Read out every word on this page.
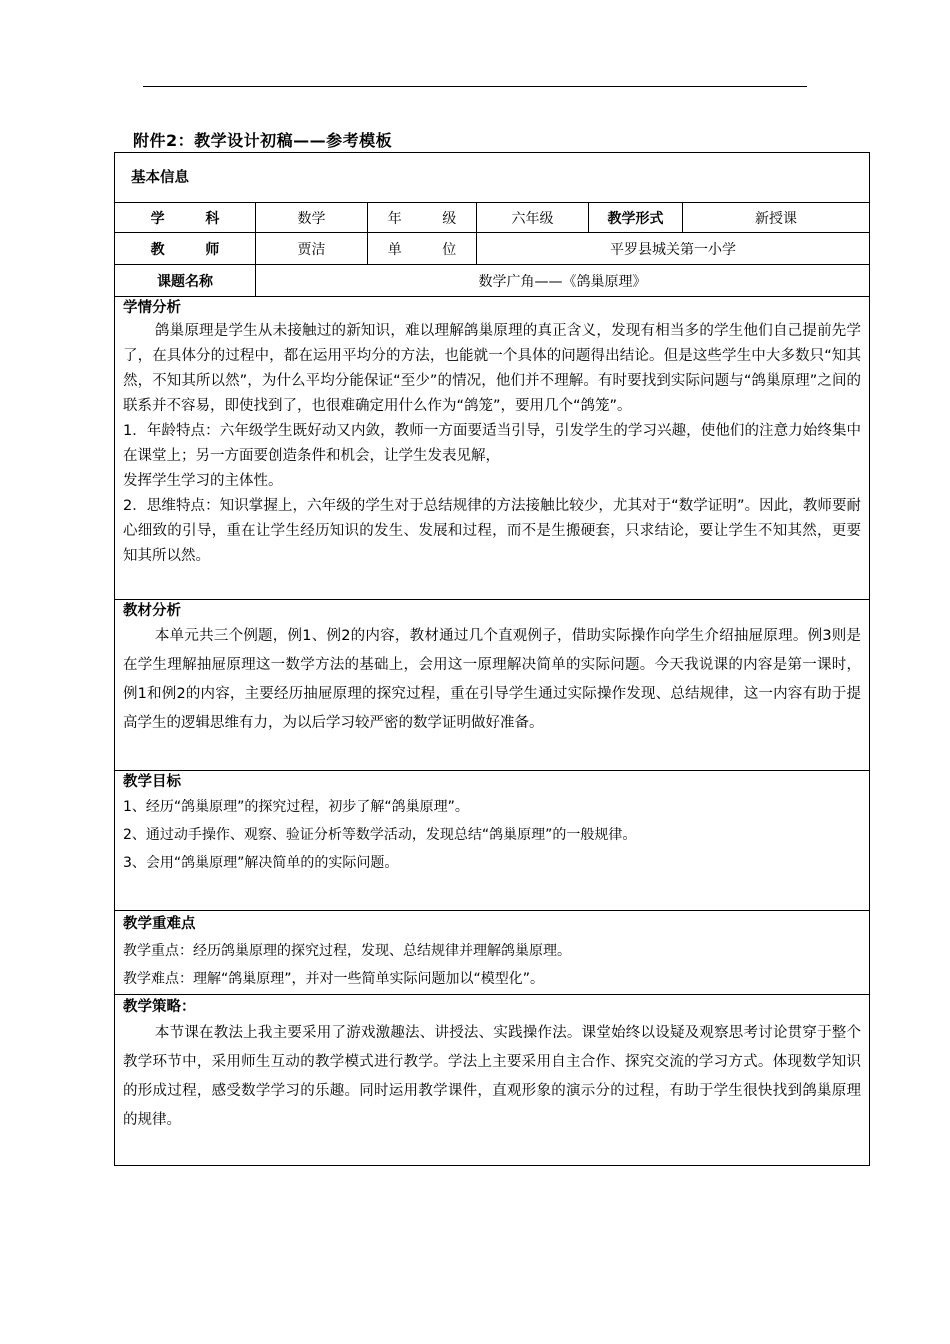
附件2：教学设计初稿——参考模板
基本信息					
学 科	数学	年 级	六年级	教学形式	新授课
教 师	贾洁	单 位	平罗县城关第一小学		
课题名称	数学广角——《鸽巢原理》				

学情分析

鸽巢原理是学生从未接触过的新知识，难以理解鸽巢原理的真正含义，发现有相当多的学生他们自己提前先学了，在具体分的过程中，都在运用平均分的方法，也能就一个具体的问题得出结论。但是这些学生中大多数只“知其然，不知其所以然”，为什么平均分能保证“至少”的情况，他们并不理解。有时要找到实际问题与“鸽巢原理”之间的联系并不容易，即使找到了，也很难确定用什么作为“鸽笼”，要用几个“鸽笼”。

1．年龄特点：六年级学生既好动又内敛，教师一方面要适当引导，引发学生的学习兴趣，使他们的注意力始终集中在课堂上；另一方面要创造条件和机会，让学生发表见解，

发挥学生学习的主体性。

2．思维特点：知识掌握上，六年级的学生对于总结规律的方法接触比较少，尤其对于“数学证明”。因此，教师要耐心细致的引导，重在让学生经历知识的发生、发展和过程，而不是生搬硬套，只求结论，要让学生不知其然，更要知其所以然。					

教材分析

本单元共三个例题，例1、例2的内容，教材通过几个直观例子，借助实际操作向学生介绍抽屉原理。例3则是在学生理解抽屉原理这一数学方法的基础上，会用这一原理解决简单的实际问题。今天我说课的内容是第一课时，例1和例2的内容，主要经历抽屉原理的探究过程，重在引导学生通过实际操作发现、总结规律，这一内容有助于提高学生的逻辑思维有力，为以后学习较严密的数学证明做好准备。					

教学目标

1、经历“鸽巢原理”的探究过程，初步了解“鸽巢原理”。

2、通过动手操作、观察、验证分析等数学活动，发现总结“鸽巢原理”的一般规律。

3、会用“鸽巢原理”解决简单的的实际问题。					

教学重难点

教学重点：经历鸽巢原理的探究过程，发现、总结规律并理解鸽巢原理。

教学难点：理解“鸽巢原理”，并对一些简单实际问题加以“模型化”。					

教学策略：

本节课在教法上我主要采用了游戏激趣法、讲授法、实践操作法。课堂始终以设疑及观察思考讨论贯穿于整个教学环节中，采用师生互动的教学模式进行教学。学法上主要采用自主合作、探究交流的学习方式。体现数学知识的形成过程，感受数学学习的乐趣。同时运用教学课件，直观形象的演示分的过程，有助于学生很快找到鸽巢原理的规律。					
